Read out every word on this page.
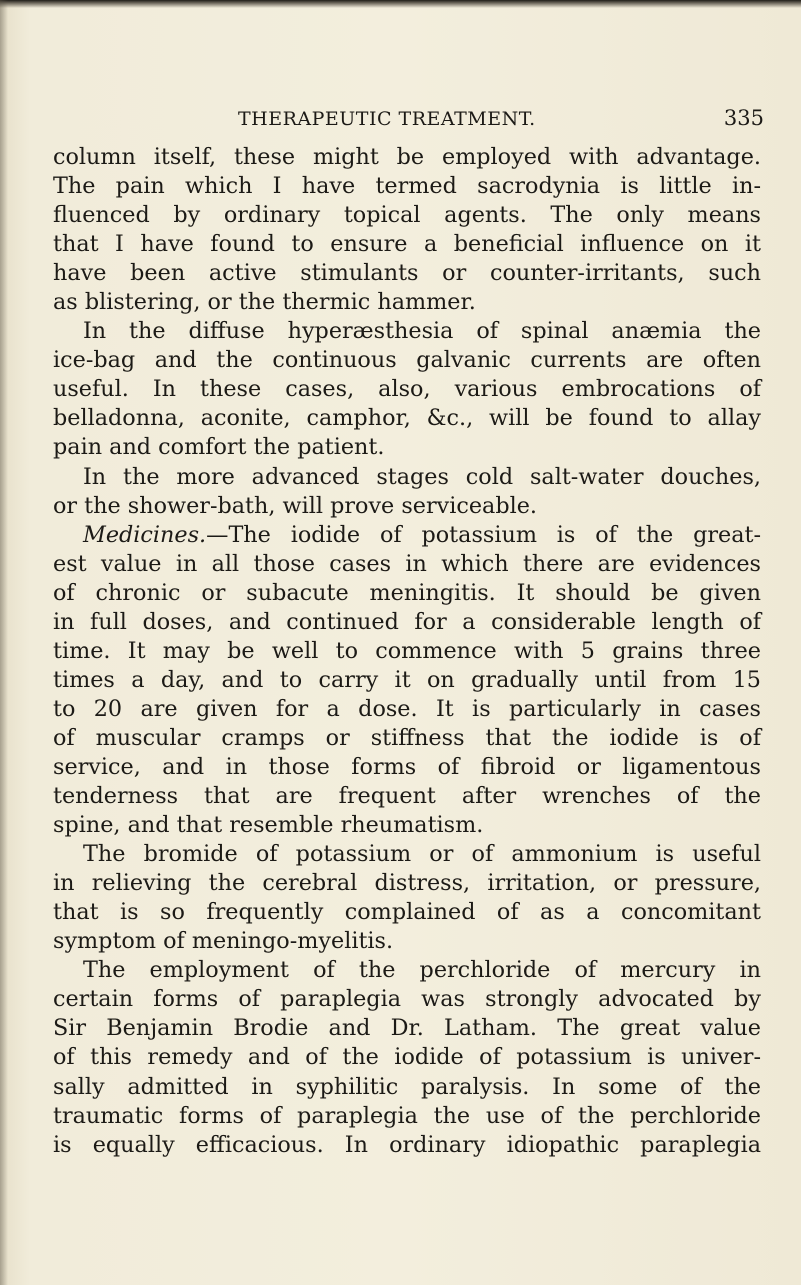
THERAPEUTIC TREATMENT.	335
column itself, these might be employed with advantage.
The pain which I have termed sacrodynia is little in-
fluenced by ordinary topical agents. The only means
that I have found to ensure a beneficial influence on it
have been active stimulants or counter-irritants, such
as blistering, or the thermic hammer.
In the diffuse hyperæsthesia of spinal anæmia the
ice-bag and the continuous galvanic currents are often
useful. In these cases, also, various embrocations of
belladonna, aconite, camphor, &c., will be found to allay
pain and comfort the patient.
In the more advanced stages cold salt-water douches,
or the shower-bath, will prove serviceable.
Medicines.—The iodide of potassium is of the great-
est value in all those cases in which there are evidences
of chronic or subacute meningitis. It should be given
in full doses, and continued for a considerable length of
time. It may be well to commence with 5 grains three
times a day, and to carry it on gradually until from 15
to 20 are given for a dose. It is particularly in cases
of muscular cramps or stiffness that the iodide is of
service, and in those forms of fibroid or ligamentous
tenderness that are frequent after wrenches of the
spine, and that resemble rheumatism.
The bromide of potassium or of ammonium is useful
in relieving the cerebral distress, irritation, or pressure,
that is so frequently complained of as a concomitant
symptom of meningo-myelitis.
The employment of the perchloride of mercury in
certain forms of paraplegia was strongly advocated by
Sir Benjamin Brodie and Dr. Latham. The great value
of this remedy and of the iodide of potassium is univer-
sally admitted in syphilitic paralysis. In some of the
traumatic forms of paraplegia the use of the perchloride
is equally efficacious. In ordinary idiopathic paraplegia
